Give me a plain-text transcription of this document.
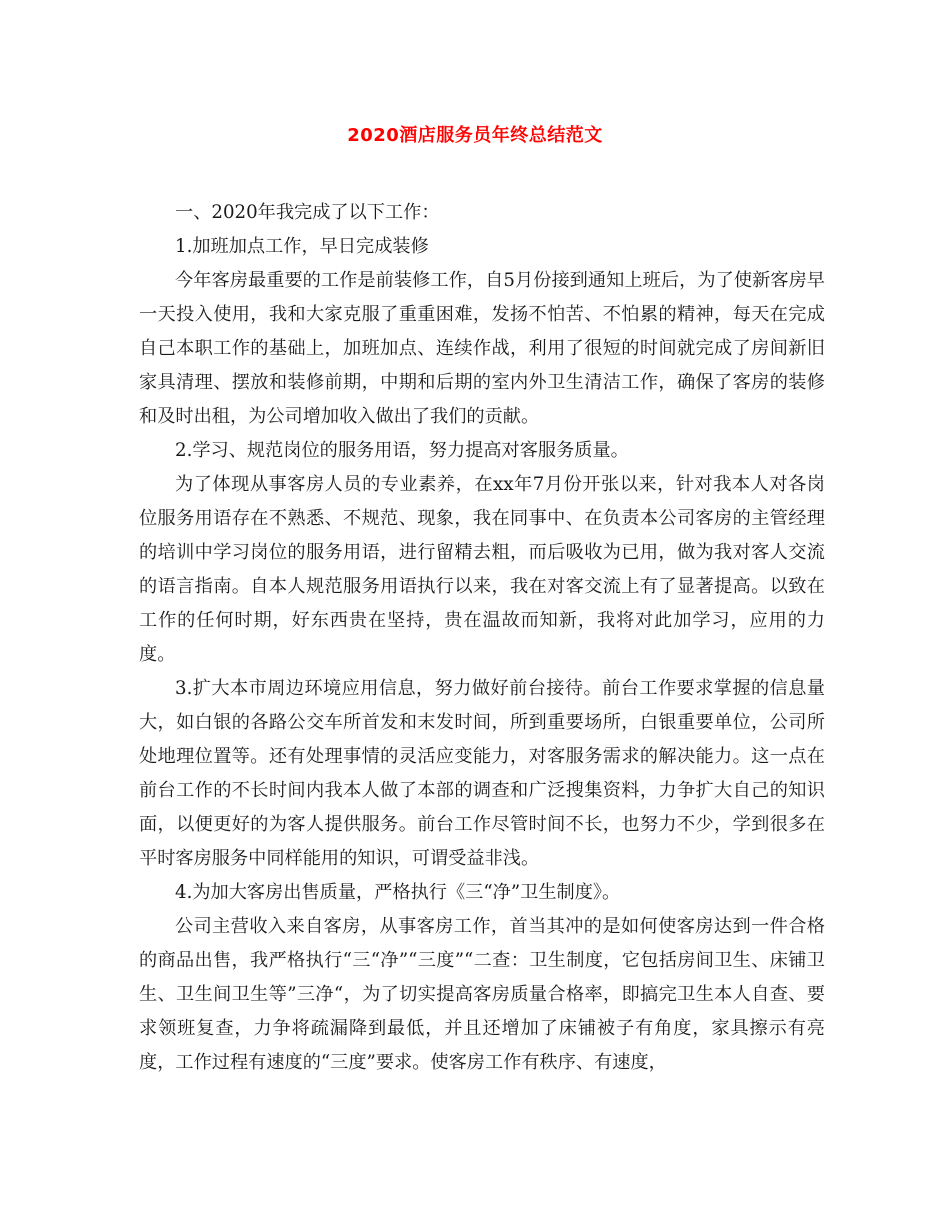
2020酒店服务员年终总结范文

一、2020年我完成了以下工作：

1.加班加点工作，早日完成装修

今年客房最重要的工作是前装修工作，自5月份接到通知上班后，为了使新客房早一天投入使用，我和大家克服了重重困难，发扬不怕苦、不怕累的精神，每天在完成自己本职工作的基础上，加班加点、连续作战，利用了很短的时间就完成了房间新旧家具清理、摆放和装修前期，中期和后期的室内外卫生清洁工作，确保了客房的装修和及时出租，为公司增加收入做出了我们的贡献。

2.学习、规范岗位的服务用语，努力提高对客服务质量。

为了体现从事客房人员的专业素养，在xx年7月份开张以来，针对我本人对各岗位服务用语存在不熟悉、不规范、现象，我在同事中、在负责本公司客房的主管经理的培训中学习岗位的服务用语，进行留精去粗，而后吸收为已用，做为我对客人交流的语言指南。自本人规范服务用语执行以来，我在对客交流上有了显著提高。以致在工作的任何时期，好东西贵在坚持，贵在温故而知新，我将对此加学习，应用的力度。

3.扩大本市周边环境应用信息，努力做好前台接待。前台工作要求掌握的信息量大，如白银的各路公交车所首发和末发时间，所到重要场所，白银重要单位，公司所处地理位置等。还有处理事情的灵活应变能力，对客服务需求的解决能力。这一点在前台工作的不长时间内我本人做了本部的调查和广泛搜集资料，力争扩大自己的知识面，以便更好的为客人提供服务。前台工作尽管时间不长，也努力不少，学到很多在平时客房服务中同样能用的知识，可谓受益非浅。

4.为加大客房出售质量，严格执行《三“净”卫生制度》。

公司主营收入来自客房，从事客房工作，首当其冲的是如何使客房达到一件合格的商品出售，我严格执行“三“净”“三度”“二查：卫生制度，它包括房间卫生、床铺卫生、卫生间卫生等”三净“，为了切实提高客房质量合格率，即搞完卫生本人自查、要求领班复查，力争将疏漏降到最低，并且还增加了床铺被子有角度，家具擦示有亮度，工作过程有速度的“三度”要求。使客房工作有秩序、有速度，
